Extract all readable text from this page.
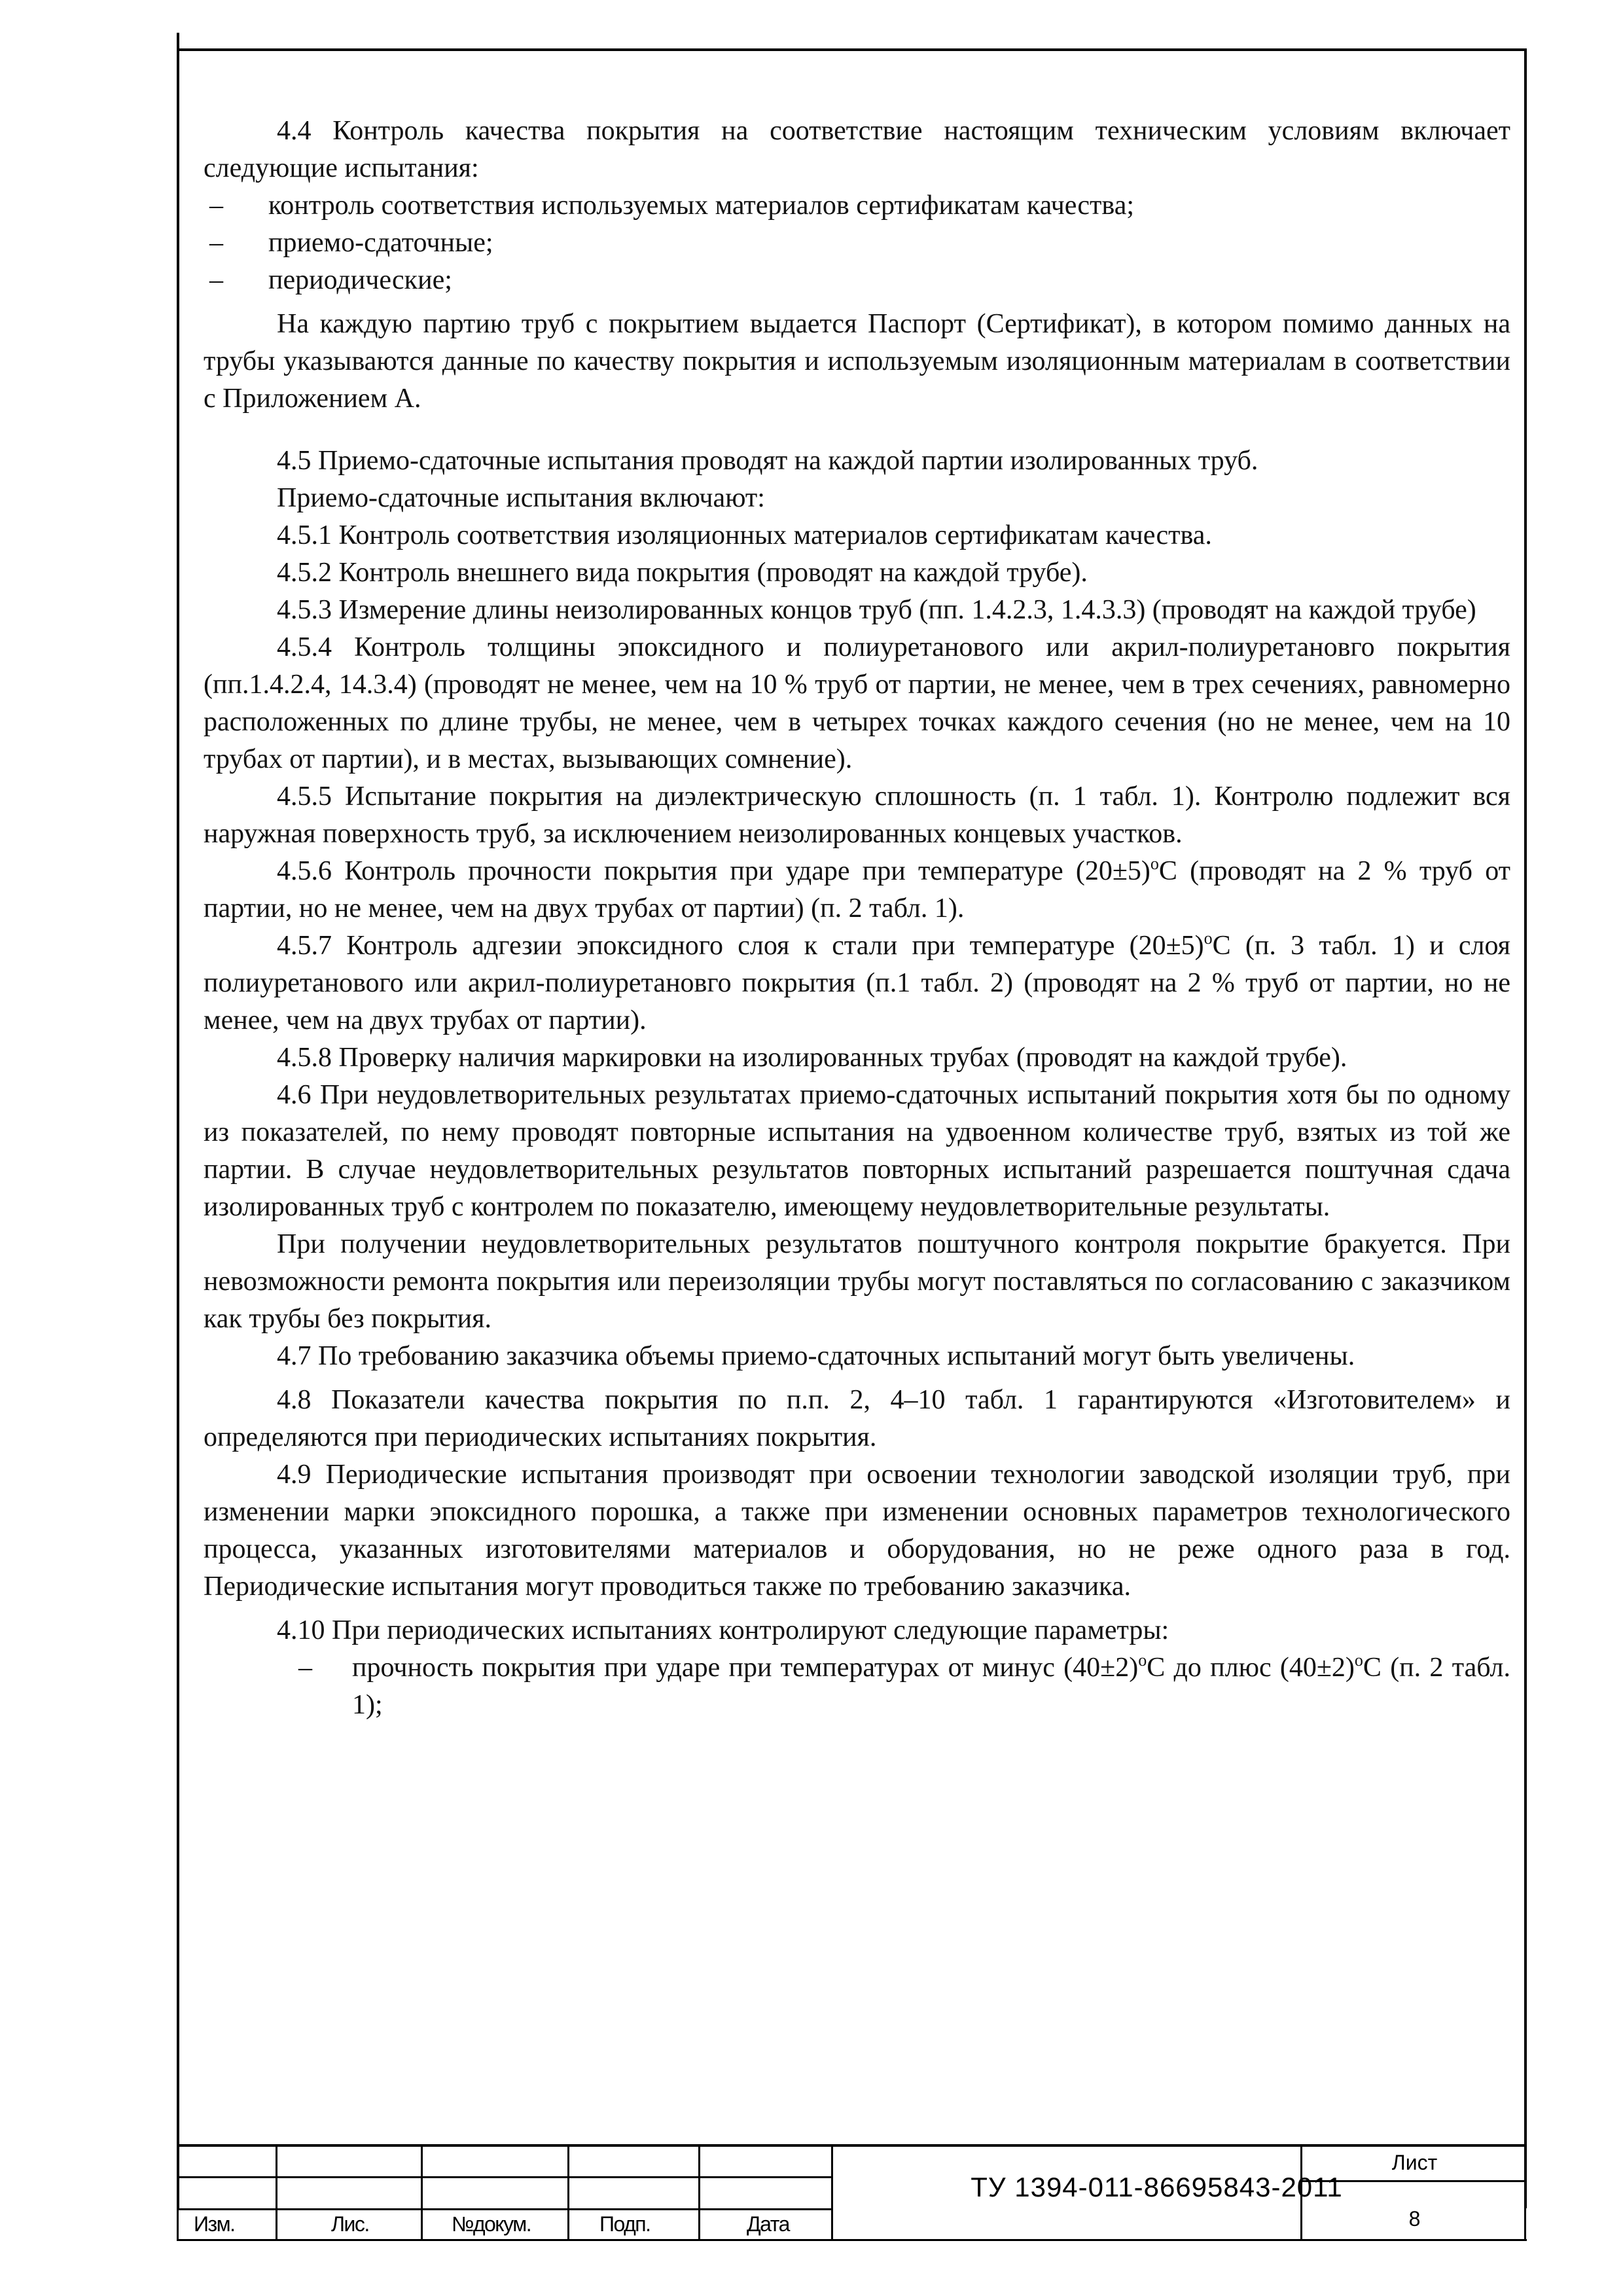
4.4 Контроль качества покрытия на соответствие настоящим техническим условиям включает следующие испытания:

–	контроль соответствия используемых материалов сертификатам качества;
–	приемо-сдаточные;
–	периодические;

На каждую партию труб с покрытием выдается Паспорт (Сертификат), в котором помимо данных на трубы указываются данные по качеству покрытия и используемым изоляционным материалам в соответствии с Приложением А.

4.5 Приемо-сдаточные испытания проводят на каждой партии изолированных труб.

Приемо-сдаточные испытания включают:

4.5.1 Контроль соответствия изоляционных материалов сертификатам качества.

4.5.2 Контроль внешнего вида покрытия (проводят на каждой трубе).

4.5.3 Измерение длины неизолированных концов труб (пп. 1.4.2.3, 1.4.3.3) (проводят на каждой трубе)

4.5.4 Контроль толщины эпоксидного и полиуретанового или акрил-полиуретановго покрытия (пп.1.4.2.4, 14.3.4) (проводят не менее, чем на 10 % труб от партии, не менее, чем в трех сечениях, равномерно расположенных по длине трубы, не менее, чем в четырех точках каждого сечения (но не менее, чем на 10 трубах от партии), и в местах, вызывающих сомнение).

4.5.5 Испытание покрытия на диэлектрическую сплошность (п. 1 табл. 1). Контролю подлежит вся наружная поверхность труб, за исключением неизолированных концевых участков.

4.5.6 Контроль прочности покрытия при ударе при температуре $(20\pm 5)^оС$ (проводят на 2 % труб от партии, но не менее, чем на двух трубах от партии) (п. 2 табл. 1).

4.5.7 Контроль адгезии эпоксидного слоя к стали при температуре $(20\pm 5)^оС$ (п. 3 табл. 1) и слоя полиуретанового или акрил-полиуретановго покрытия (п.1 табл. 2) (проводят на 2 % труб от партии, но не менее, чем на двух трубах от партии).

4.5.8 Проверку наличия маркировки на изолированных трубах (проводят на каждой трубе).

4.6 При неудовлетворительных результатах приемо-сдаточных испытаний покрытия хотя бы по одному из показателей, по нему проводят повторные испытания на удвоенном количестве труб, взятых из той же партии. В случае неудовлетворительных результатов повторных испытаний разрешается поштучная сдача изолированных труб с контролем по показателю, имеющему неудовлетворительные результаты.

При получении неудовлетворительных результатов поштучного контроля покрытие бракуется. При невозможности ремонта покрытия или переизоляции трубы могут поставляться по согласованию с заказчиком как трубы без покрытия.

4.7 По требованию заказчика объемы приемо-сдаточных испытаний могут быть увеличены.

4.8 Показатели качества покрытия по п.п. 2, 4–10 табл. 1 гарантируются «Изготовителем» и определяются при периодических испытаниях покрытия.

4.9 Периодические испытания производят при освоении технологии заводской изоляции труб, при изменении марки эпоксидного порошка, а также при изменении основных параметров технологического процесса, указанных изготовителями материалов и оборудования, но не реже одного раза в год. Периодические испытания могут проводиться также по требованию заказчика.

4.10 При периодических испытаниях контролируют следующие параметры:

–	прочность покрытия при ударе при температурах от минус $(40\pm 2)^оС$ до плюс $(40\pm 2)^оС$ (п. 2 табл. 1);
Изм.	Лис.	№докум.	Подп.	Дата
ТУ 1394-011-86695843-2011
Лист
8
